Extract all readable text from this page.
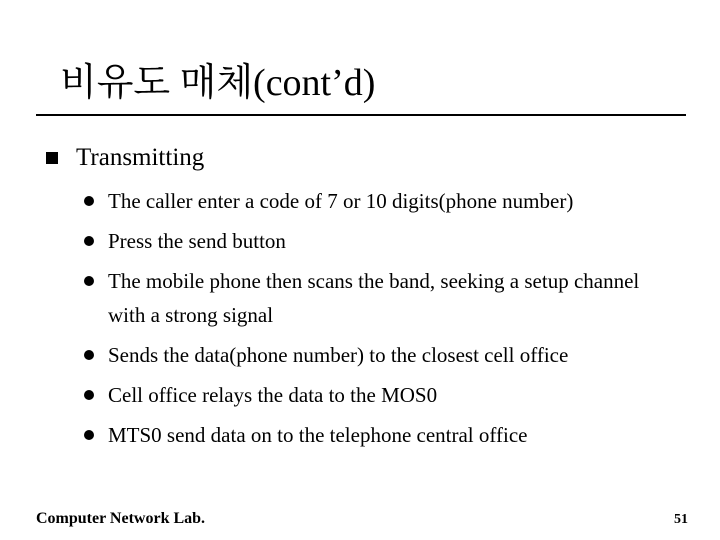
비유도 매체(cont’d)
Transmitting
The caller enter a code of 7 or 10 digits(phone number)
Press the send button
The mobile phone then scans the band, seeking a setup channel with a strong signal
Sends the data(phone number) to the closest cell office
Cell office relays the data to the MOS0
MTS0 send data on to the telephone central office
Computer Network Lab.	51
